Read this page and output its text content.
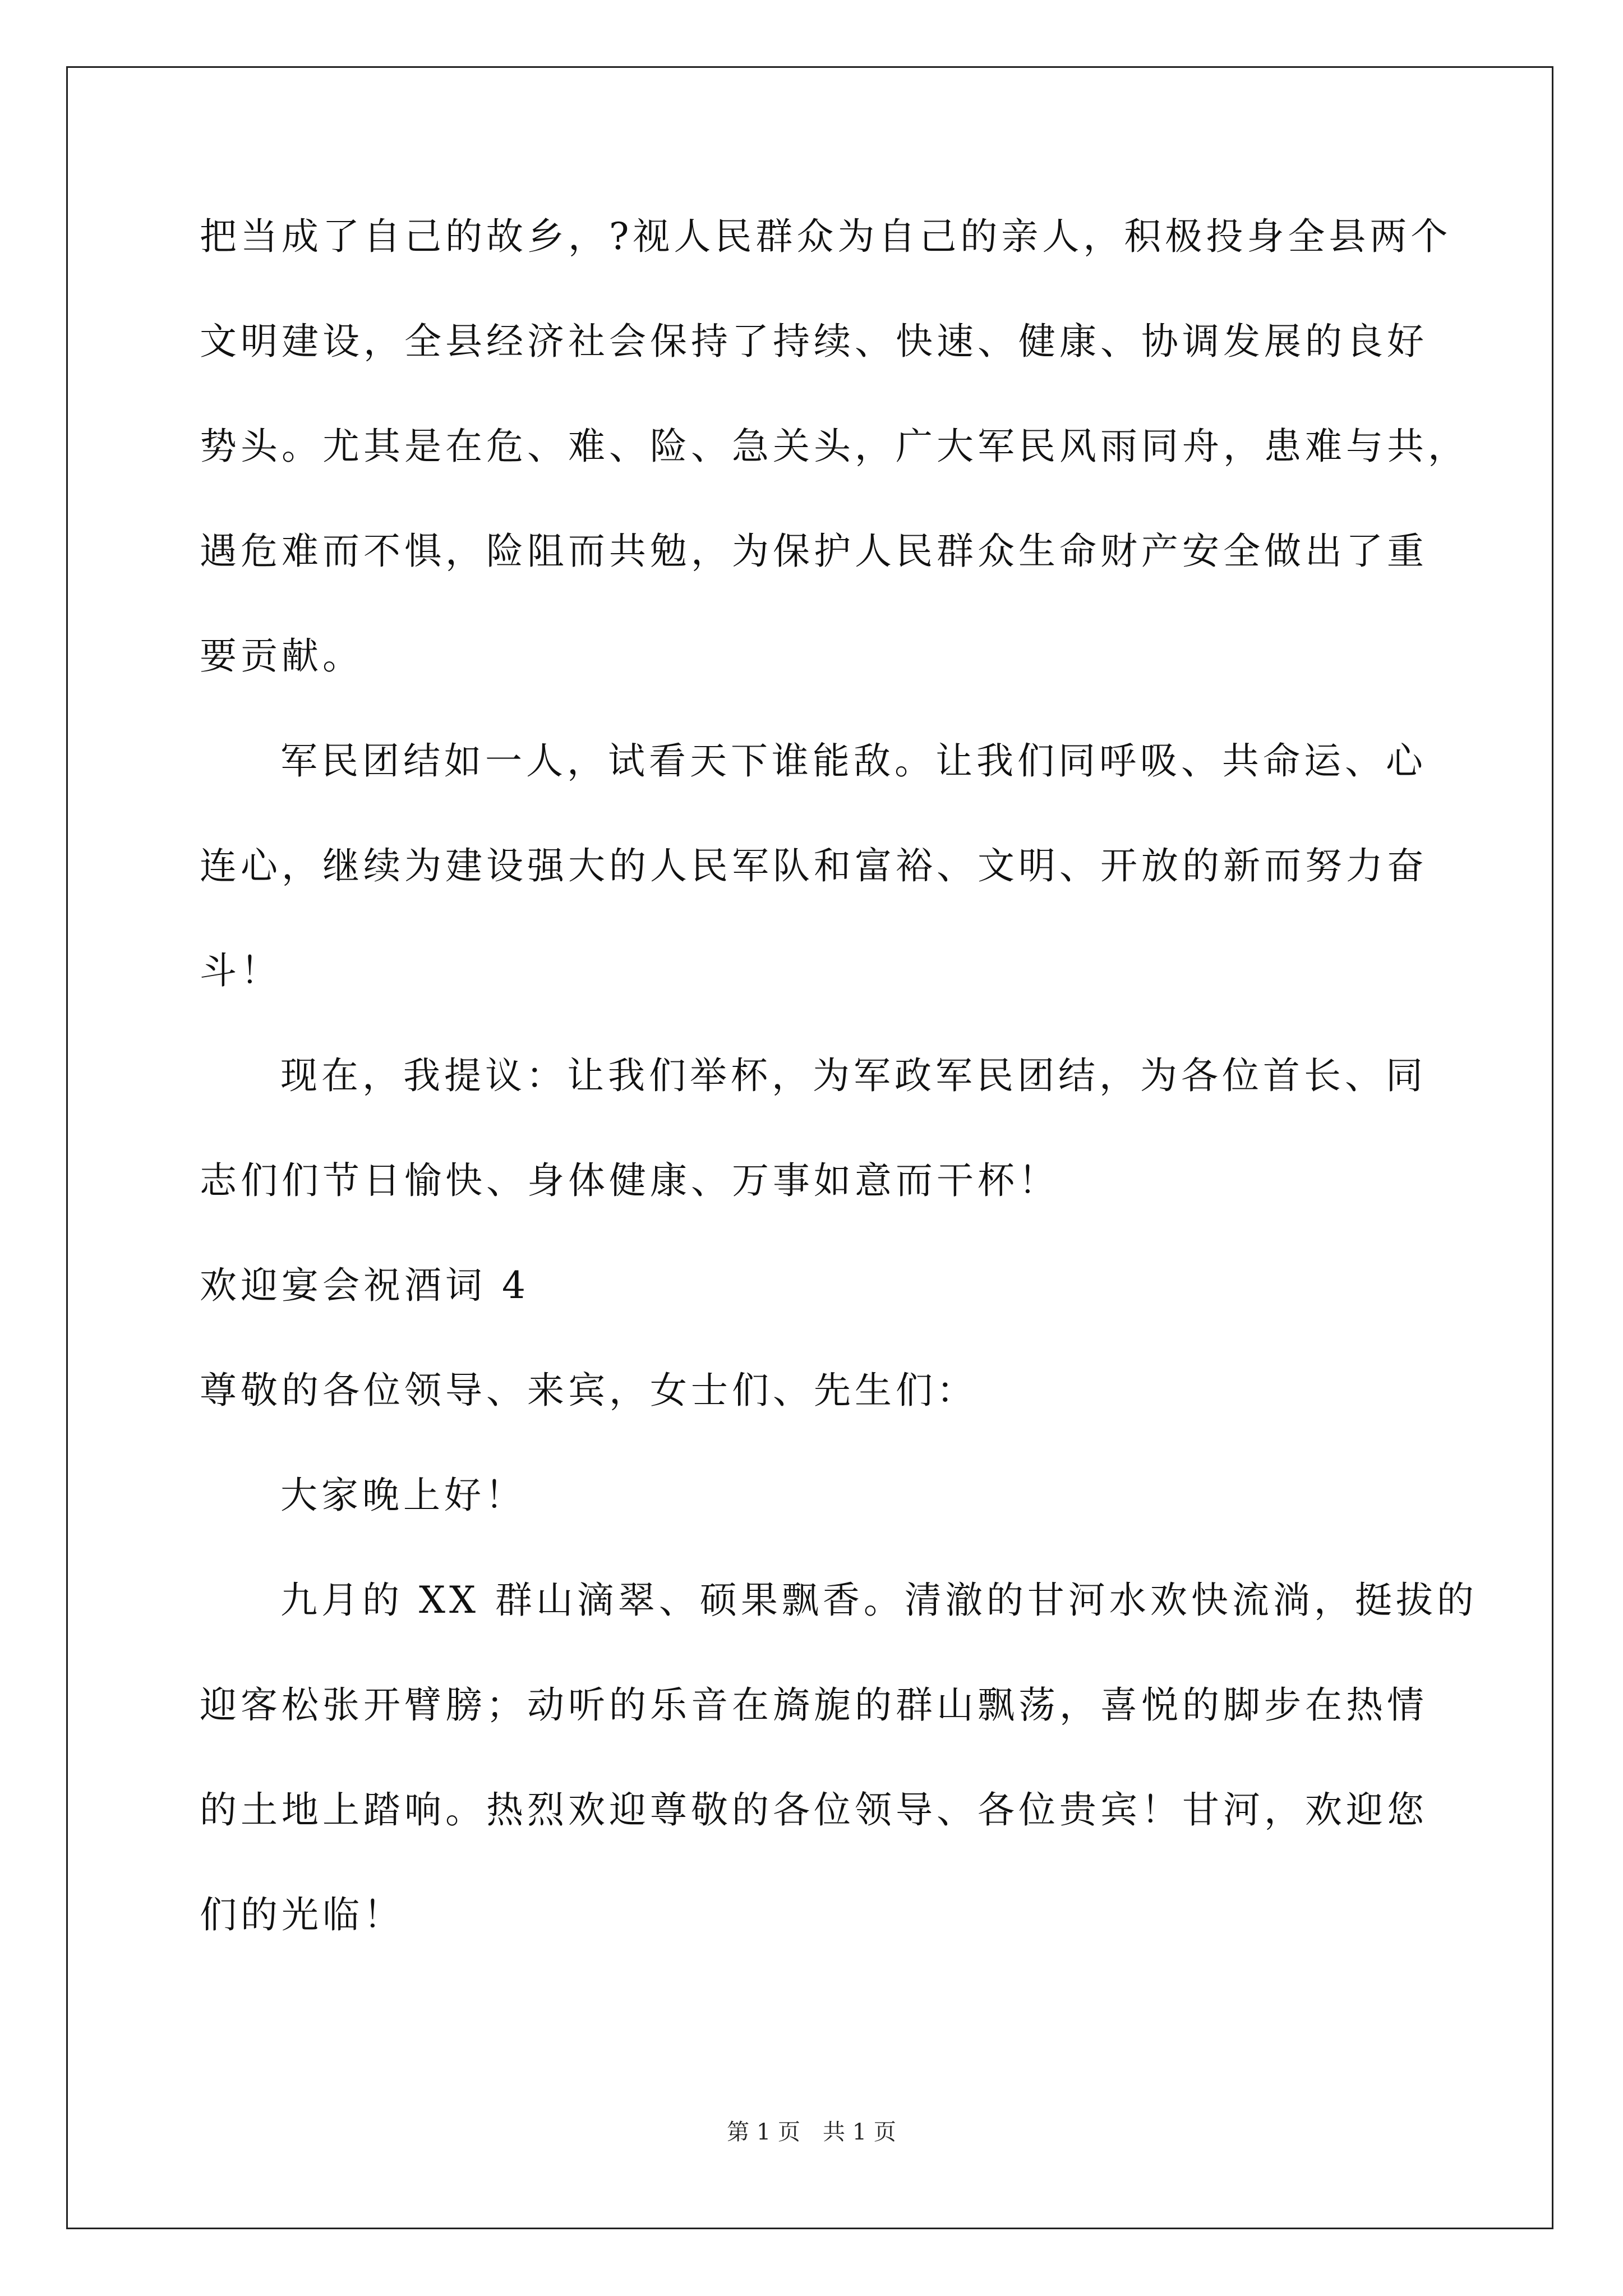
把当成了自己的故乡，?视人民群众为自己的亲人，积极投身全县两个
文明建设，全县经济社会保持了持续、快速、健康、协调发展的良好
势头。尤其是在危、难、险、急关头，广大军民风雨同舟，患难与共，
遇危难而不惧，险阻而共勉，为保护人民群众生命财产安全做出了重
要贡献。
军民团结如一人，试看天下谁能敌。让我们同呼吸、共命运、心
连心，继续为建设强大的人民军队和富裕、文明、开放的新而努力奋
斗！
现在，我提议：让我们举杯，为军政军民团结，为各位首长、同
志们们节日愉快、身体健康、万事如意而干杯！
欢迎宴会祝酒词 4
尊敬的各位领导、来宾，女士们、先生们：
大家晚上好！
九月的 XX 群山滴翠、硕果飘香。清澈的甘河水欢快流淌，挺拔的
迎客松张开臂膀；动听的乐音在旖旎的群山飘荡，喜悦的脚步在热情
的土地上踏响。热烈欢迎尊敬的各位领导、各位贵宾！甘河，欢迎您
们的光临！
第 1 页　共 1 页
